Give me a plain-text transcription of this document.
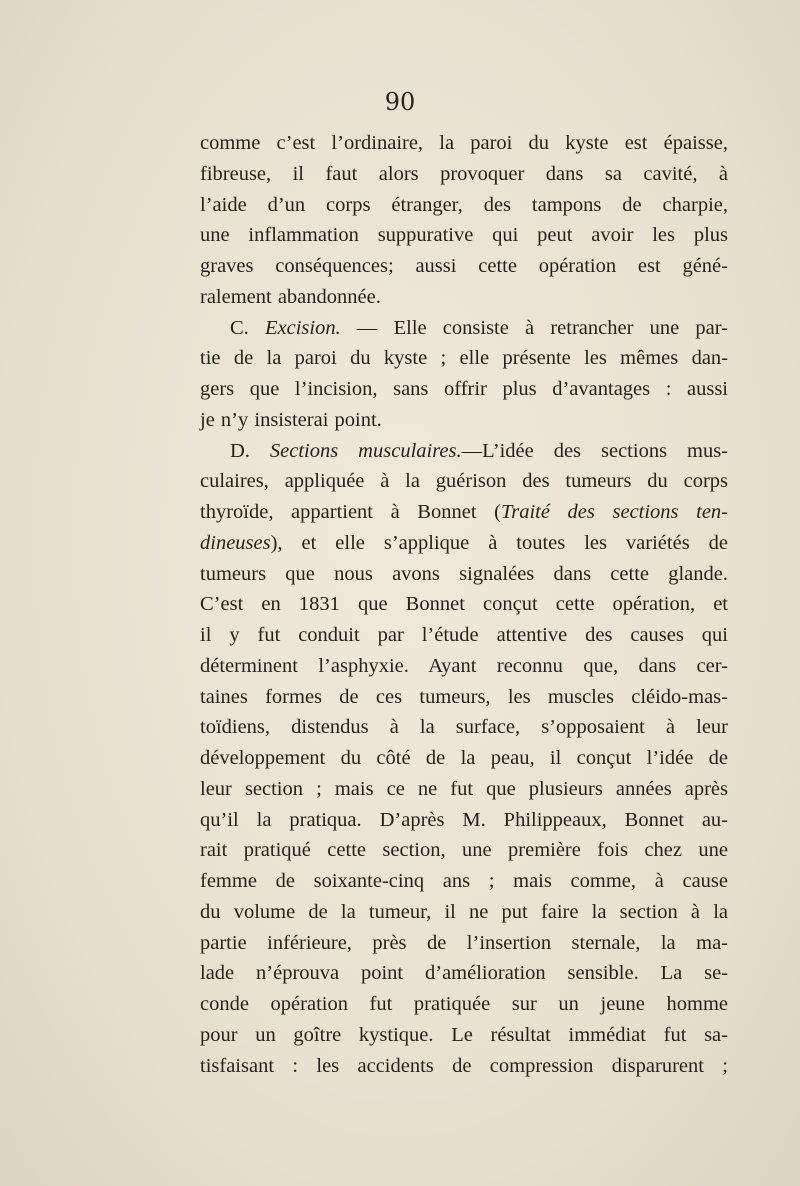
90
comme c’est l’ordinaire, la paroi du kyste est épaisse,
fibreuse, il faut alors provoquer dans sa cavité, à
l’aide d’un corps étranger, des tampons de charpie,
une inflammation suppurative qui peut avoir les plus
graves conséquences; aussi cette opération est géné-
ralement abandonnée.
C. Excision. — Elle consiste à retrancher une par-
tie de la paroi du kyste ; elle présente les mêmes dan-
gers que l’incision, sans offrir plus d’avantages : aussi
je n’y insisterai point.
D. Sections musculaires.—L’idée des sections mus-
culaires, appliquée à la guérison des tumeurs du corps
thyroïde, appartient à Bonnet (Traité des sections ten-
dineuses), et elle s’applique à toutes les variétés de
tumeurs que nous avons signalées dans cette glande.
C’est en 1831 que Bonnet conçut cette opération, et
il y fut conduit par l’étude attentive des causes qui
déterminent l’asphyxie. Ayant reconnu que, dans cer-
taines formes de ces tumeurs, les muscles cléido-mas-
toïdiens, distendus à la surface, s’opposaient à leur
développement du côté de la peau, il conçut l’idée de
leur section ; mais ce ne fut que plusieurs années après
qu’il la pratiqua. D’après M. Philippeaux, Bonnet au-
rait pratiqué cette section, une première fois chez une
femme de soixante-cinq ans ; mais comme, à cause
du volume de la tumeur, il ne put faire la section à la
partie inférieure, près de l’insertion sternale, la ma-
lade n’éprouva point d’amélioration sensible. La se-
conde opération fut pratiquée sur un jeune homme
pour un goître kystique. Le résultat immédiat fut sa-
tisfaisant : les accidents de compression disparurent ;
